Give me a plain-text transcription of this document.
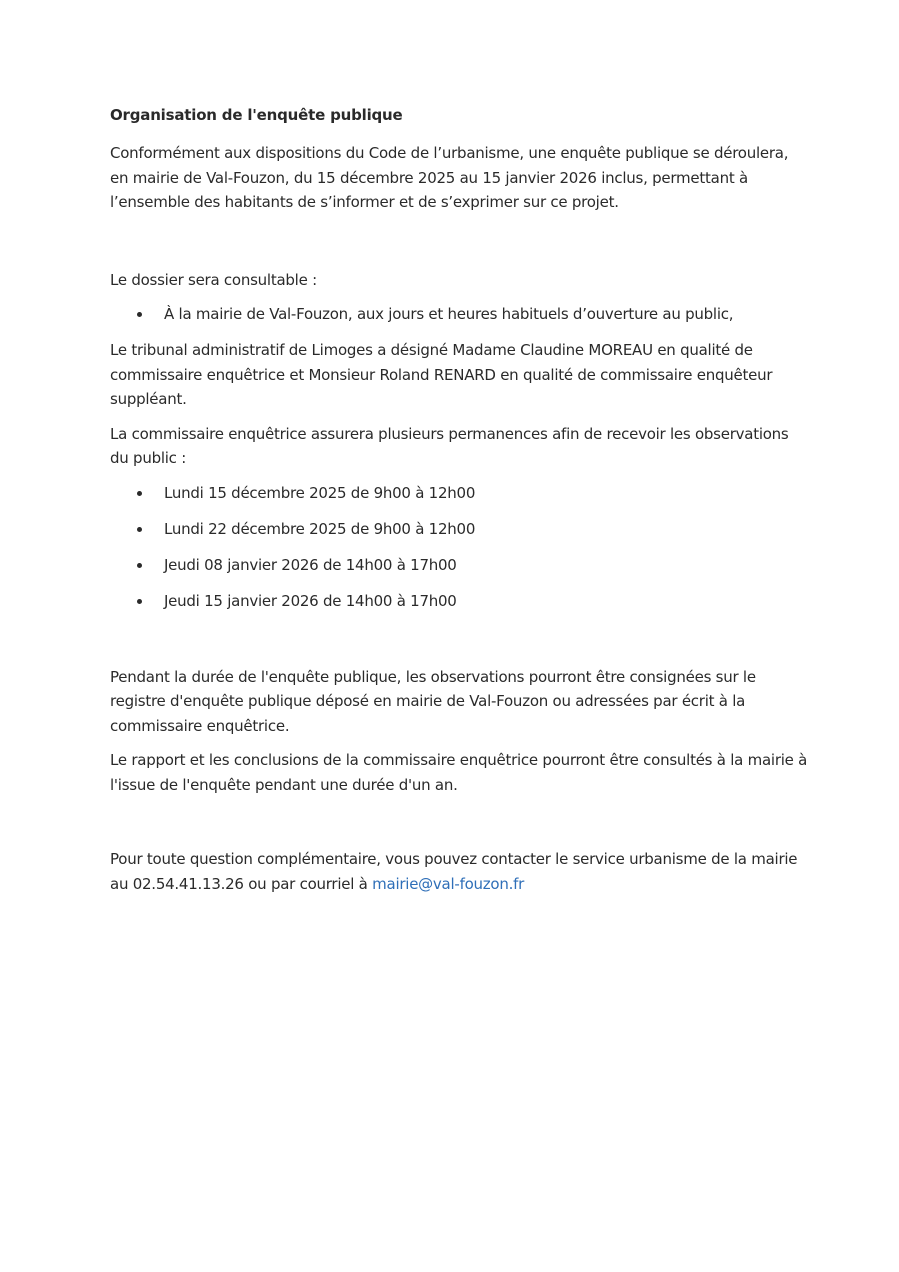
Organisation de l'enquête publique

Conformément aux dispositions du Code de l’urbanisme, une enquête publique se déroulera, en mairie de Val-Fouzon, du 15 décembre 2025 au 15 janvier 2026 inclus, permettant à l’ensemble des habitants de s’informer et de s’exprimer sur ce projet.

Le dossier sera consultable :

À la mairie de Val-Fouzon, aux jours et heures habituels d’ouverture au public,

Le tribunal administratif de Limoges a désigné Madame Claudine MOREAU en qualité de commissaire enquêtrice et Monsieur Roland RENARD en qualité de commissaire enquêteur suppléant.

La commissaire enquêtrice assurera plusieurs permanences afin de recevoir les observations du public :

Lundi 15 décembre 2025 de 9h00 à 12h00
Lundi 22 décembre 2025 de 9h00 à 12h00
Jeudi 08 janvier 2026 de 14h00 à 17h00
Jeudi 15 janvier 2026 de 14h00 à 17h00

Pendant la durée de l'enquête publique, les observations pourront être consignées sur le registre d'enquête publique déposé en mairie de Val-Fouzon ou adressées par écrit à la commissaire enquêtrice.

Le rapport et les conclusions de la commissaire enquêtrice pourront être consultés à la mairie à l'issue de l'enquête pendant une durée d'un an.

Pour toute question complémentaire, vous pouvez contacter le service urbanisme de la mairie au 02.54.41.13.26 ou par courriel à mairie@val-fouzon.fr
